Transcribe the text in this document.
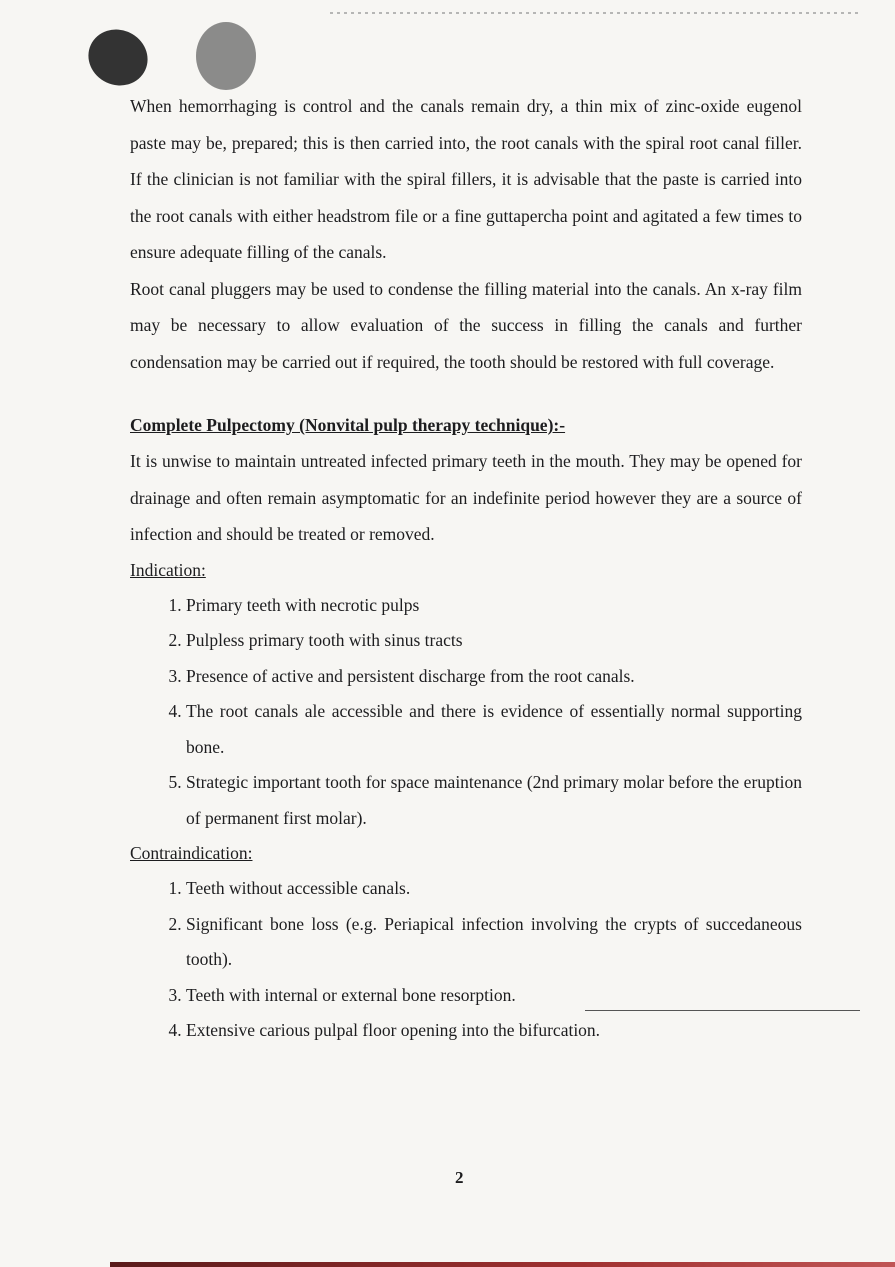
When hemorrhaging is control and the canals remain dry, a thin mix of zinc-oxide eugenol paste may be, prepared; this is then carried into, the root canals with the spiral root canal filler. If the clinician is not familiar with the spiral fillers, it is advisable that the paste is carried into the root canals with either headstrom file or a fine guttapercha point and agitated a few times to ensure adequate filling of the canals.

Root canal pluggers may be used to condense the filling material into the canals. An x-ray film may be necessary to allow evaluation of the success in filling the canals and further condensation may be carried out if required, the tooth should be restored with full coverage.

Complete Pulpectomy (Nonvital pulp therapy technique):-

It is unwise to maintain untreated infected primary teeth in the mouth. They may be opened for drainage and often remain asymptomatic for an indefinite period however they are a source of infection and should be treated or removed.

Indication:
1. Primary teeth with necrotic pulps
2. Pulpless primary tooth with sinus tracts
3. Presence of active and persistent discharge from the root canals.
4. The root canals ale accessible and there is evidence of essentially normal supporting bone.
5. Strategic important tooth for space maintenance (2nd primary molar before the eruption of permanent first molar).
Contraindication:
1. Teeth without accessible canals.
2. Significant bone loss (e.g. Periapical infection involving the crypts of succedaneous tooth).
3. Teeth with internal or external bone resorption.
4. Extensive carious pulpal floor opening into the bifurcation.
2
